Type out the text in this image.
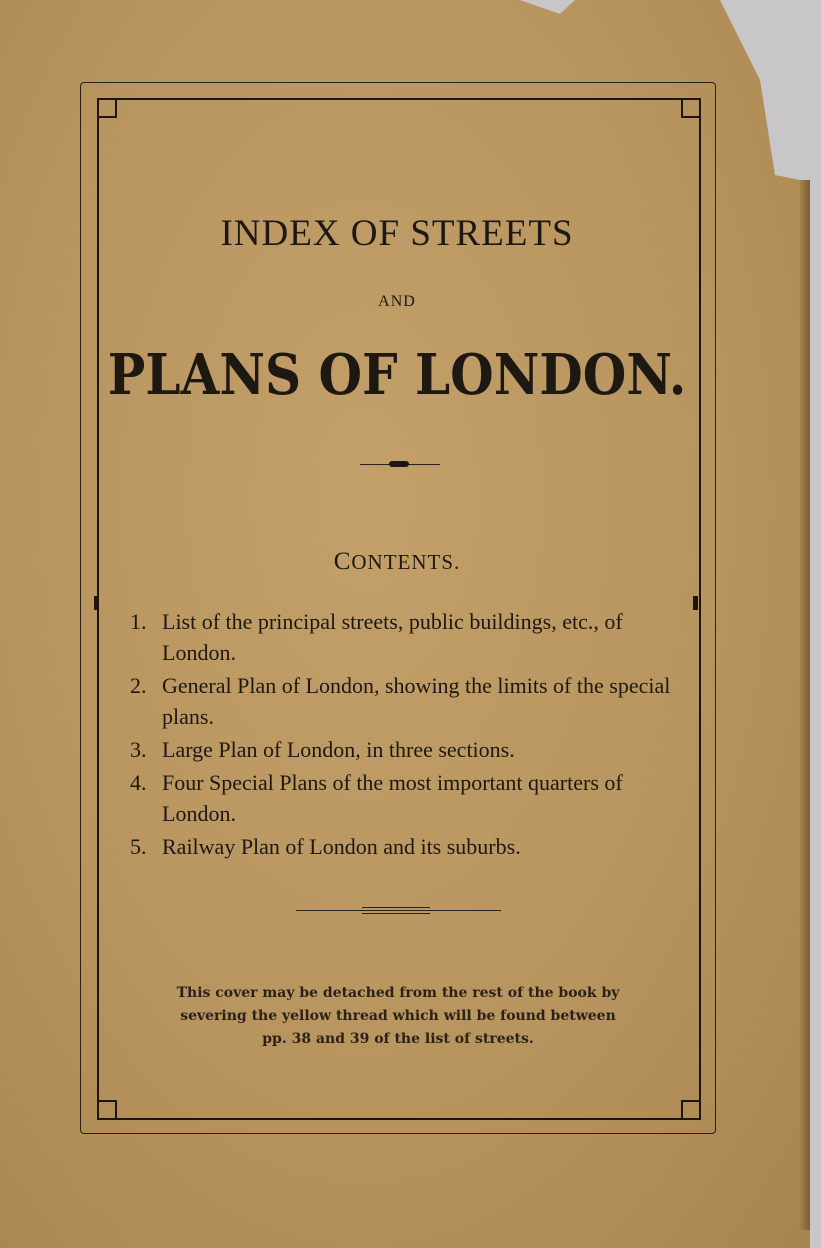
INDEX OF STREETS
AND
PLANS OF LONDON.
CONTENTS.
1. List of the principal streets, public buildings, etc., of London.
2. General Plan of London, showing the limits of the special plans.
3. Large Plan of London, in three sections.
4. Four Special Plans of the most important quarters of London.
5. Railway Plan of London and its suburbs.
This cover may be detached from the rest of the book by
severing the yellow thread which will be found between
pp. 38 and 39 of the list of streets.
